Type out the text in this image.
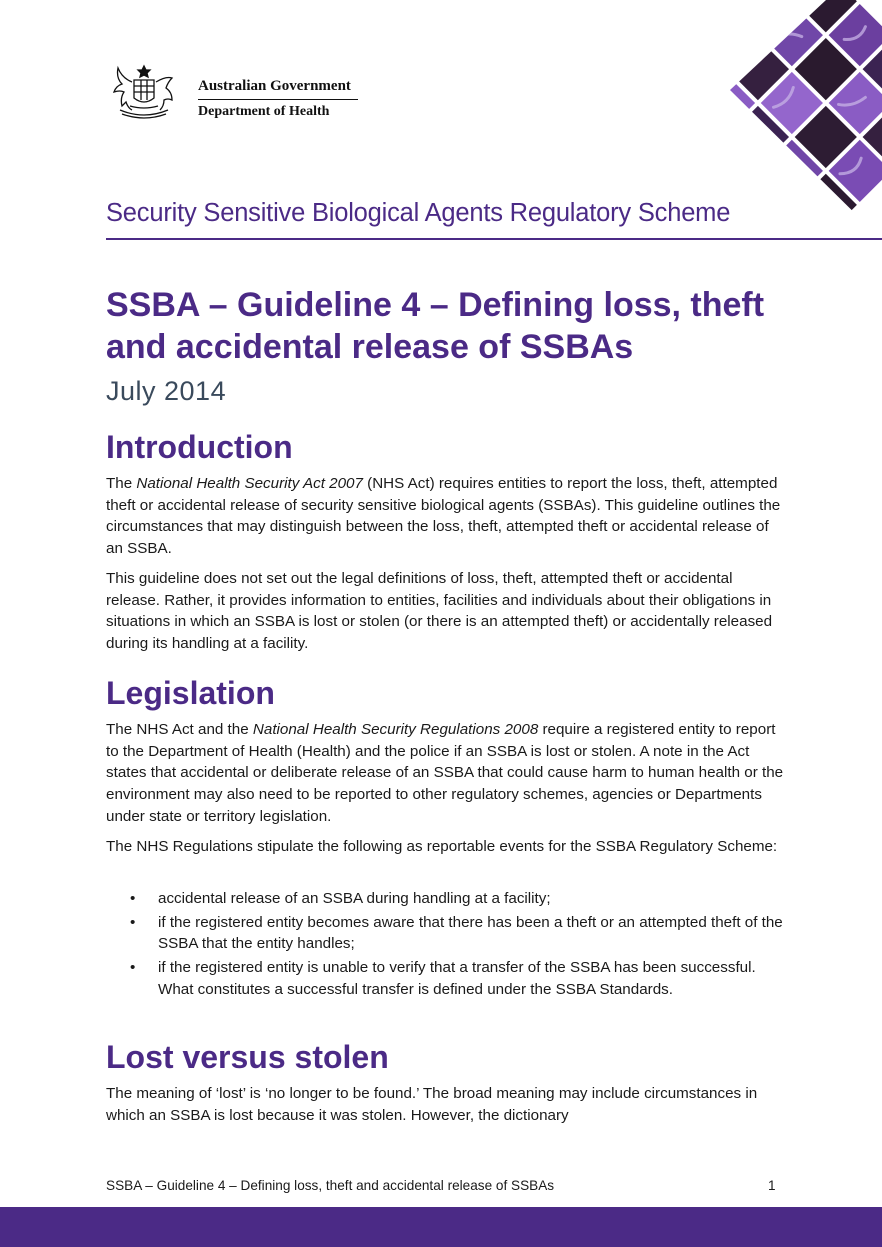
Australian Government
Department of Health
Security Sensitive Biological Agents Regulatory Scheme
SSBA – Guideline 4 – Defining loss, theft and accidental release of SSBAs
July 2014
Introduction

The National Health Security Act 2007 (NHS Act) requires entities to report the loss, theft, attempted theft or accidental release of security sensitive biological agents (SSBAs). This guideline outlines the circumstances that may distinguish between the loss, theft, attempted theft or accidental release of an SSBA.

This guideline does not set out the legal definitions of loss, theft, attempted theft or accidental release. Rather, it provides information to entities, facilities and individuals about their obligations in situations in which an SSBA is lost or stolen (or there is an attempted theft) or accidentally released during its handling at a facility.

Legislation

The NHS Act and the National Health Security Regulations 2008 require a registered entity to report to the Department of Health (Health) and the police if an SSBA is lost or stolen. A note in the Act states that accidental or deliberate release of an SSBA that could cause harm to human health or the environment may also need to be reported to other regulatory schemes, agencies or Departments under state or territory legislation.

The NHS Regulations stipulate the following as reportable events for the SSBA Regulatory Scheme:

• accidental release of an SSBA during handling at a facility;
• if the registered entity becomes aware that there has been a theft or an attempted theft of the SSBA that the entity handles;
• if the registered entity is unable to verify that a transfer of the SSBA has been successful. What constitutes a successful transfer is defined under the SSBA Standards.
Lost versus stolen

The meaning of ‘lost’ is ‘no longer to be found.’ The broad meaning may include circumstances in which an SSBA is lost because it was stolen. However, the dictionary

SSBA – Guideline 4 – Defining loss, theft and accidental release of SSBAs	1
